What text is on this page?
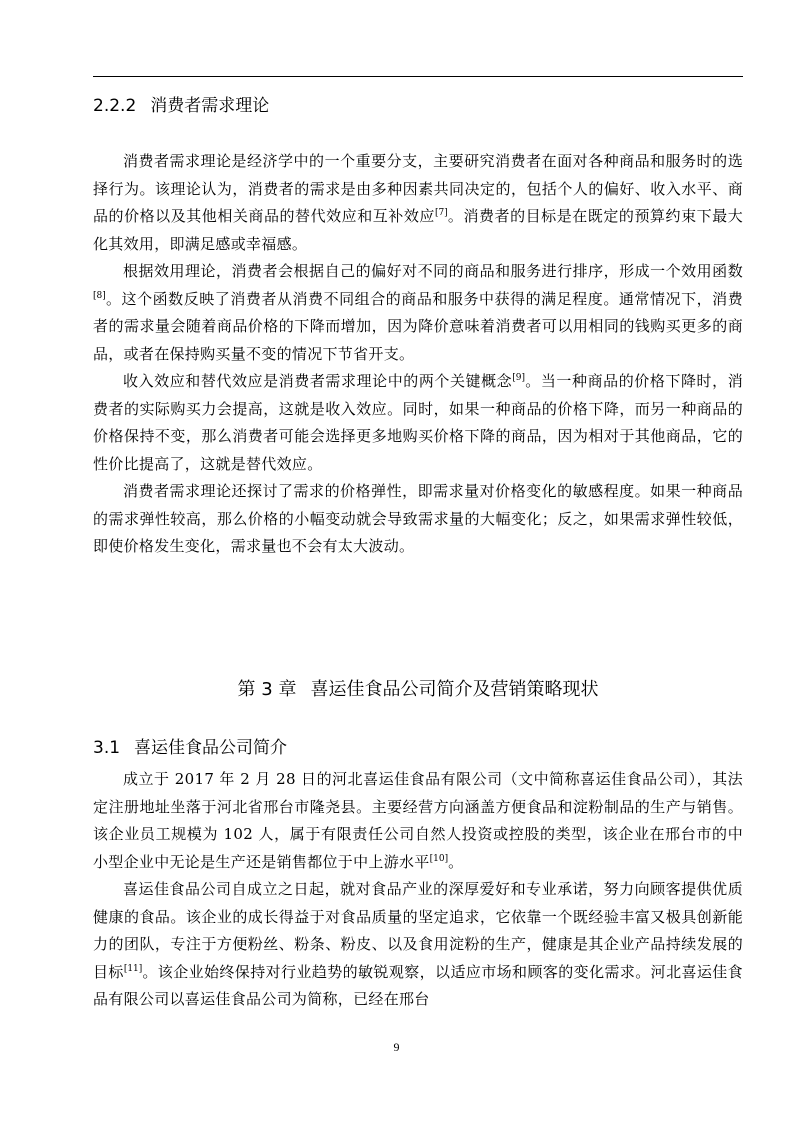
2.2.2 消费者需求理论

消费者需求理论是经济学中的一个重要分支，主要研究消费者在面对各种商品和服务时的选择行为。该理论认为，消费者的需求是由多种因素共同决定的，包括个人的偏好、收入水平、商品的价格以及其他相关商品的替代效应和互补效应[7]。消费者的目标是在既定的预算约束下最大化其效用，即满足感或幸福感。

根据效用理论，消费者会根据自己的偏好对不同的商品和服务进行排序，形成一个效用函数[8]。这个函数反映了消费者从消费不同组合的商品和服务中获得的满足程度。通常情况下，消费者的需求量会随着商品价格的下降而增加，因为降价意味着消费者可以用相同的钱购买更多的商品，或者在保持购买量不变的情况下节省开支。

收入效应和替代效应是消费者需求理论中的两个关键概念[9]。当一种商品的价格下降时，消费者的实际购买力会提高，这就是收入效应。同时，如果一种商品的价格下降，而另一种商品的价格保持不变，那么消费者可能会选择更多地购买价格下降的商品，因为相对于其他商品，它的性价比提高了，这就是替代效应。

消费者需求理论还探讨了需求的价格弹性，即需求量对价格变化的敏感程度。如果一种商品的需求弹性较高，那么价格的小幅变动就会导致需求量的大幅变化；反之，如果需求弹性较低，即使价格发生变化，需求量也不会有太大波动。

第 3 章 喜运佳食品公司简介及营销策略现状
3.1 喜运佳食品公司简介

成立于 2017 年 2 月 28 日的河北喜运佳食品有限公司（文中简称喜运佳食品公司），其法定注册地址坐落于河北省邢台市隆尧县。主要经营方向涵盖方便食品和淀粉制品的生产与销售。该企业员工规模为 102 人，属于有限责任公司自然人投资或控股的类型，该企业在邢台市的中小型企业中无论是生产还是销售都位于中上游水平[10]。

喜运佳食品公司自成立之日起，就对食品产业的深厚爱好和专业承诺，努力向顾客提供优质健康的食品。该企业的成长得益于对食品质量的坚定追求，它依靠一个既经验丰富又极具创新能力的团队，专注于方便粉丝、粉条、粉皮、以及食用淀粉的生产，健康是其企业产品持续发展的目标[11]。该企业始终保持对行业趋势的敏锐观察，以适应市场和顾客的变化需求。河北喜运佳食品有限公司以喜运佳食品公司为简称，已经在邢台

9
